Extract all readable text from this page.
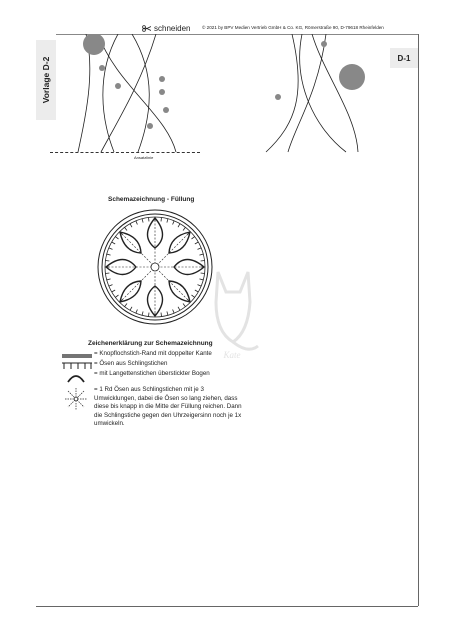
schneiden	© 2021 by BPV Medien Vertrieb GmbH & Co. KG, Römerstraße 90, D-79618 Rheinfelden
Vorlage D-2	D-1
Ansatzlinie
Schemazeichnung - Füllung
Kate
Zeichenerklärung zur Schemazeichnung
= Knopflochstich-Rand mit doppelter Kante
= Ösen aus Schlingstichen
= mit Langettenstichen überstickter Bogen
= 1 Rd Ösen aus Schlingstichen mit je 3 Umwicklungen, dabei die Ösen so lang ziehen, dass diese bis knapp in die Mitte der Füllung reichen. Dann die Schlingstiche gegen den Uhrzeigersinn noch je 1x umwickeln.
